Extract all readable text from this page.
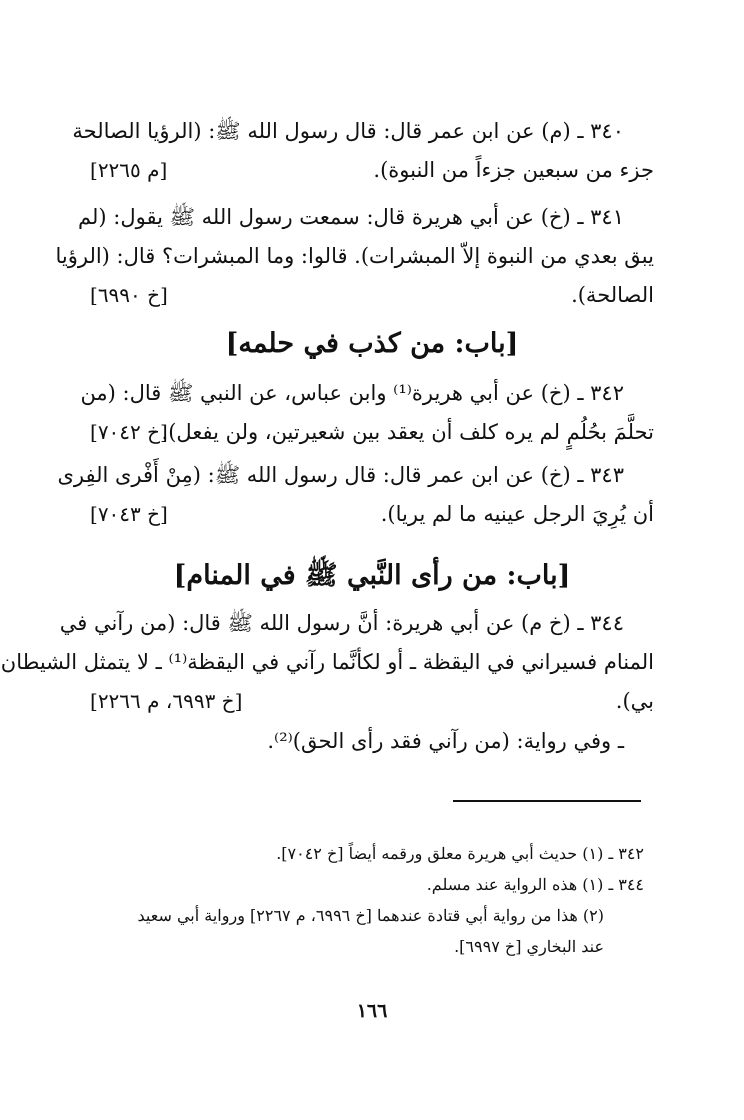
٣٤٠ ـ (م) عن ابن عمر قال: قال رسول الله ﷺ: (الرؤيا الصالحة
جزء من سبعين جزءاً من النبوة).
[م ٢٢٦٥]
٣٤١ ـ (خ) عن أبي هريرة قال: سمعت رسول الله ﷺ يقول: (لم
يبق بعدي من النبوة إلاّ المبشرات). قالوا: وما المبشرات؟ قال: (الرؤيا
الصالحة).
[خ ٦٩٩٠]
[باب: من كذب في حلمه]
٣٤٢ ـ (خ) عن أبي هريرة⁽¹⁾ وابن عباس، عن النبي ﷺ قال: (من
تحلَّمَ بحُلُمٍ لم يره كلف أن يعقد بين شعيرتين، ولن يفعل).
[خ ٧٠٤٢]
٣٤٣ ـ (خ) عن ابن عمر قال: قال رسول الله ﷺ: (مِنْ أَفْرى الفِرى
أن يُرِيَ الرجل عينيه ما لم يريا).
[خ ٧٠٤٣]
[باب: من رأى النَّبي ﷺ في المنام]
٣٤٤ ـ (خ م) عن أبي هريرة: أنَّ رسول الله ﷺ قال: (من رآني في
المنام فسيراني في اليقظة ـ أو لكأنَّما رآني في اليقظة⁽¹⁾ ـ لا يتمثل الشيطان
بي).
[خ ٦٩٩٣، م ٢٢٦٦]
ـ وفي رواية: (من رآني فقد رأى الحق)⁽²⁾.
٣٤٢ ـ (١) حديث أبي هريرة معلق ورقمه أيضاً [خ ٧٠٤٢].
٣٤٤ ـ (١) هذه الرواية عند مسلم.
(٢) هذا من رواية أبي قتادة عندهما [خ ٦٩٩٦، م ٢٢٦٧] ورواية أبي سعيد
عند البخاري [خ ٦٩٩٧].
١٦٦
